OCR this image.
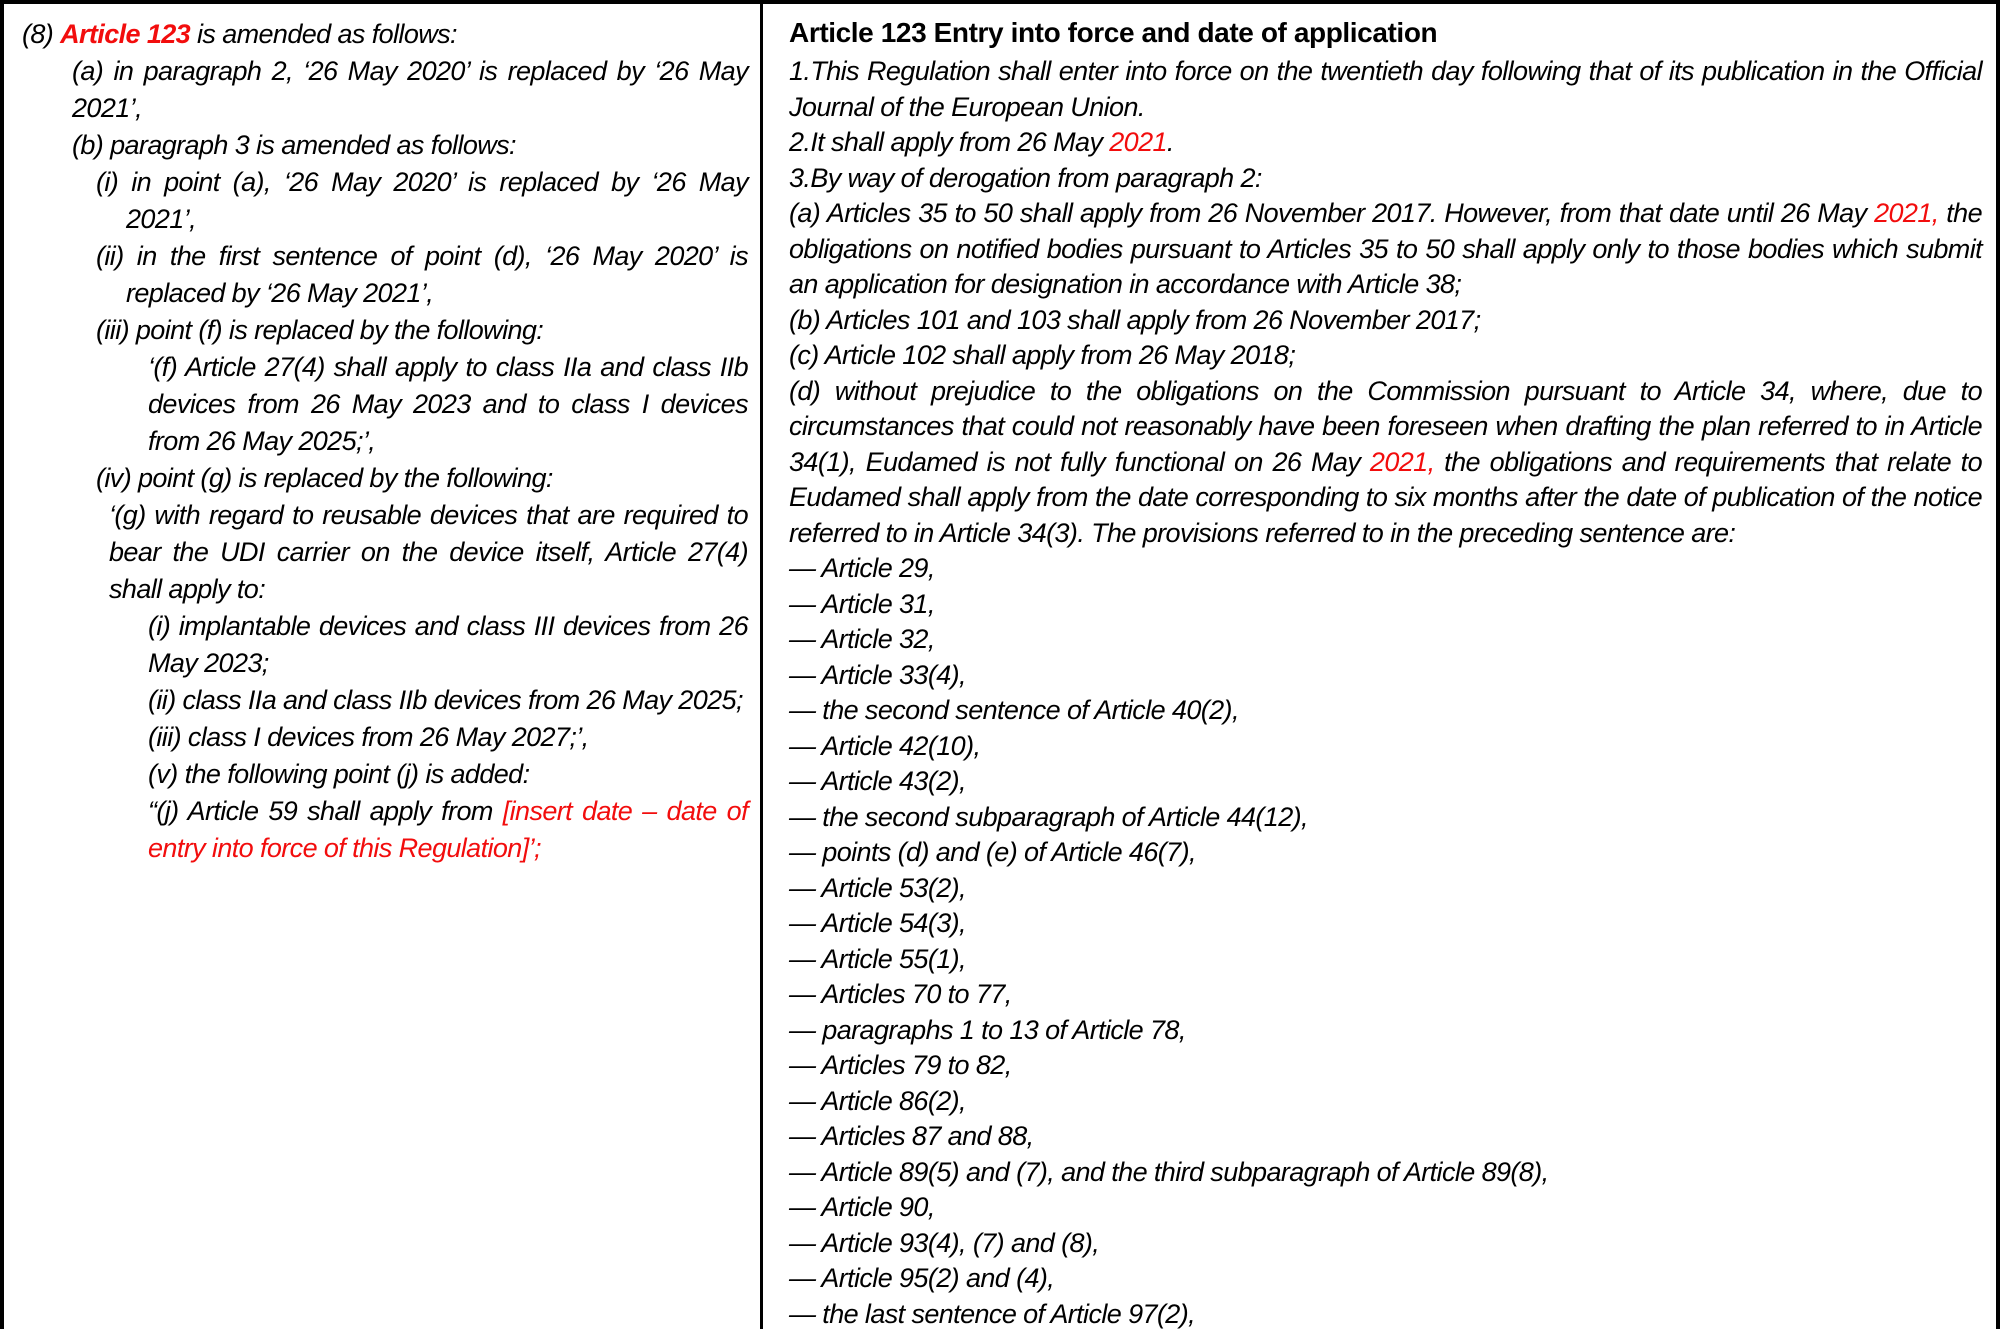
(8) Article 123 is amended as follows:
(a) in paragraph 2, ‘26 May 2020’ is replaced by ‘26 May 2021’,
(b) paragraph 3 is amended as follows:
(i) in point (a), ‘26 May 2020’ is replaced by ‘26 May 2021’,
(ii) in the first sentence of point (d), ‘26 May 2020’ is replaced by ‘26 May 2021’,
(iii) point (f) is replaced by the following:
‘(f) Article 27(4) shall apply to class IIa and class IIb devices from 26 May 2023 and to class I devices from 26 May 2025;’,
(iv) point (g) is replaced by the following:
‘(g) with regard to reusable devices that are required to bear the UDI carrier on the device itself, Article 27(4) shall apply to:
(i) implantable devices and class III devices from 26 May 2023;
(ii) class IIa and class IIb devices from 26 May 2025;
(iii) class I devices from 26 May 2027;’,
(v) the following point (j) is added:
“(j) Article 59 shall apply from [insert date – date of entry into force of this Regulation]’;
Article 123 Entry into force and date of application
1.This Regulation shall enter into force on the twentieth day following that of its publication in the Official Journal of the European Union.
2.It shall apply from 26 May 2021.
3.By way of derogation from paragraph 2:
(a) Articles 35 to 50 shall apply from 26 November 2017. However, from that date until 26 May 2021, the obligations on notified bodies pursuant to Articles 35 to 50 shall apply only to those bodies which submit an application for designation in accordance with Article 38;
(b) Articles 101 and 103 shall apply from 26 November 2017;
(c) Article 102 shall apply from 26 May 2018;
(d) without prejudice to the obligations on the Commission pursuant to Article 34, where, due to circumstances that could not reasonably have been foreseen when drafting the plan referred to in Article 34(1), Eudamed is not fully functional on 26 May 2021, the obligations and requirements that relate to Eudamed shall apply from the date corresponding to six months after the date of publication of the notice referred to in Article 34(3). The provisions referred to in the preceding sentence are:
— Article 29,
— Article 31,
— Article 32,
— Article 33(4),
— the second sentence of Article 40(2),
— Article 42(10),
— Article 43(2),
— the second subparagraph of Article 44(12),
— points (d) and (e) of Article 46(7),
— Article 53(2),
— Article 54(3),
— Article 55(1),
— Articles 70 to 77,
— paragraphs 1 to 13 of Article 78,
— Articles 79 to 82,
— Article 86(2),
— Articles 87 and 88,
— Article 89(5) and (7), and the third subparagraph of Article 89(8),
— Article 90,
— Article 93(4), (7) and (8),
— Article 95(2) and (4),
— the last sentence of Article 97(2),
